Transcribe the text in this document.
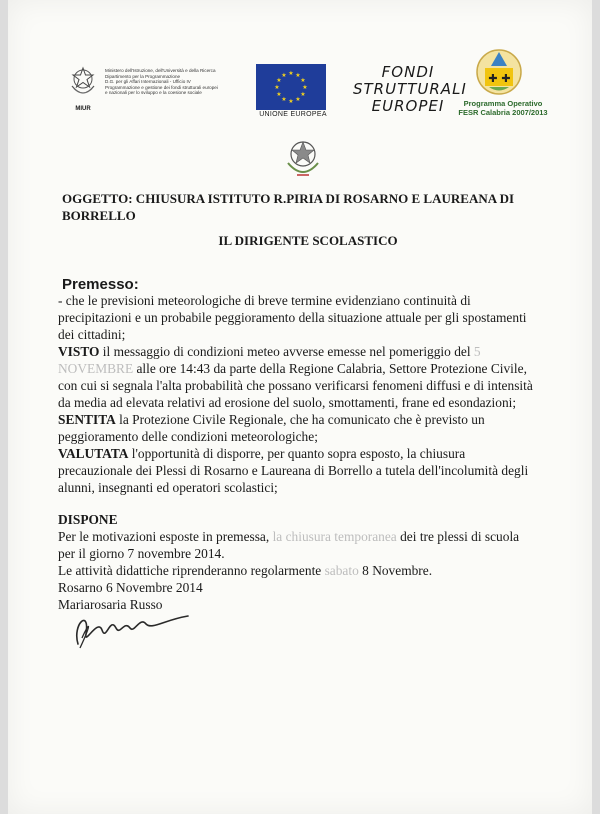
MIUR
Ministero dell'Istruzione, dell'Università e della Ricerca
Dipartimento per la Programmazione
D.G. per gli Affari Internazionali - Ufficio IV
Programmazione e gestione dei fondi strutturali europei
e nazionali per lo sviluppo e la coesione sociale
★ ★
★
★
★
★
★
★
★
★
★
★
UNIONE EUROPEA
FONDI
STRUTTURALI
EUROPEI
✚ ✚
Programma Operativo
FESR Calabria 2007/2013
OGGETTO: CHIUSURA ISTITUTO R.PIRIA DI ROSARNO E LAUREANA DI BORRELLO
IL DIRIGENTE SCOLASTICO
Premesso:

- che le previsioni meteorologiche di breve termine evidenziano continuità di precipitazioni e un probabile peggioramento della situazione attuale per gli spostamenti dei cittadini;

VISTO il messaggio di condizioni meteo avverse emesse nel pomeriggio del 5 NOVEMBRE alle ore 14:43 da parte della Regione Calabria, Settore Protezione Civile, con cui si segnala l'alta probabilità che possano verificarsi fenomeni diffusi e di intensità da media ad elevata relativi ad erosione del suolo, smottamenti, frane ed esondazioni;

SENTITA la Protezione Civile Regionale, che ha comunicato che è previsto un peggioramento delle condizioni meteorologiche;

VALUTATA l'opportunità di disporre, per quanto sopra esposto, la chiusura precauzionale dei Plessi di Rosarno e Laureana di Borrello a tutela dell'incolumità degli alunni, insegnanti ed operatori scolastici;

DISPONE

Per le motivazioni esposte in premessa, la chiusura temporanea dei tre plessi di scuola per il giorno 7 novembre 2014.

Le attività didattiche riprenderanno regolarmente sabato 8 Novembre.

Rosarno 6 Novembre 2014

Mariarosaria Russo
